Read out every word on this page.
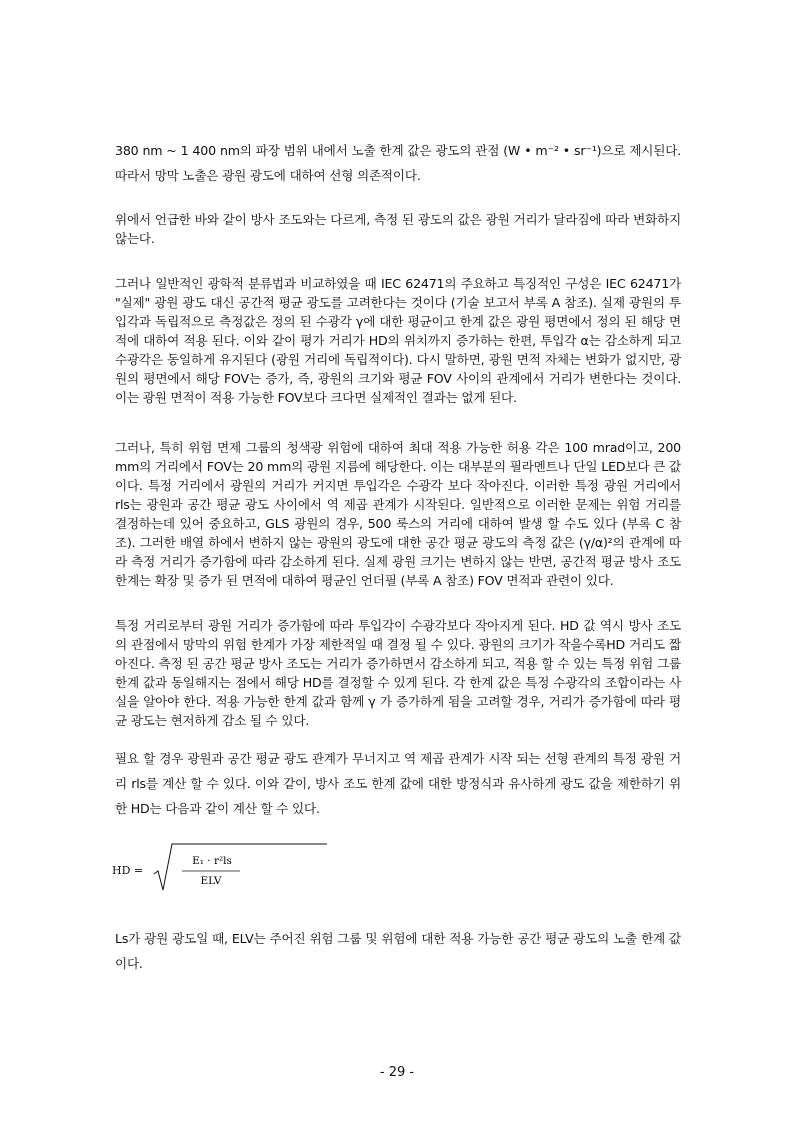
380 nm ~ 1 400 nm의 파장 범위 내에서 노출 한계 값은 광도의 관점 (W • m⁻² • sr⁻¹)으로 제시된다. 따라서 망막 노출은 광원 광도에 대하여 선형 의존적이다.

위에서 언급한 바와 같이 방사 조도와는 다르게, 측정 된 광도의 값은 광원 거리가 달라짐에 따라 변화하지 않는다.

그러나 일반적인 광학적 분류법과 비교하였을 때 IEC 62471의 주요하고 특징적인 구성은 IEC 62471가 "실제" 광원 광도 대신 공간적 평균 광도를 고려한다는 것이다 (기술 보고서 부록 A 참조). 실제 광원의 투입각과 독립적으로 측정값은 정의 된 수광각 γ에 대한 평균이고 한계 값은 광원 평면에서 정의 된 해당 면적에 대하여 적용 된다. 이와 같이 평가 거리가 HD의 위치까지 증가하는 한편, 투입각 α는 감소하게 되고 수광각은 동일하게 유지된다 (광원 거리에 독립적이다). 다시 말하면, 광원 면적 자체는 변화가 없지만, 광원의 평면에서 해당 FOV는 증가, 즉, 광원의 크기와 평균 FOV 사이의 관계에서 거리가 변한다는 것이다. 이는 광원 면적이 적용 가능한 FOV보다 크다면 실제적인 결과는 없게 된다.

그러나, 특히 위험 면제 그룹의 청색광 위험에 대하여 최대 적용 가능한 허용 각은 100 mrad이고, 200 mm의 거리에서 FOV는 20 mm의 광원 지름에 해당한다. 이는 대부분의 필라멘트나 단일 LED보다 큰 값이다. 특정 거리에서 광원의 거리가 커지면 투입각은 수광각 보다 작아진다. 이러한 특정 광원 거리에서 rls는 광원과 공간 평균 광도 사이에서 역 제곱 관계가 시작된다. 일반적으로 이러한 문제는 위험 거리를 결정하는데 있어 중요하고, GLS 광원의 경우, 500 룩스의 거리에 대하여 발생 할 수도 있다 (부록 C 참조). 그러한 배열 하에서 변하지 않는 광원의 광도에 대한 공간 평균 광도의 측정 값은 (γ/α)²의 관계에 따라 측정 거리가 증가함에 따라 감소하게 된다. 실제 광원 크기는 변하지 않는 반면, 공간적 평균 방사 조도 한계는 확장 및 증가 된 면적에 대하여 평균인 언더필 (부록 A 참조) FOV 면적과 관련이 있다.

특정 거리로부터 광원 거리가 증가함에 따라 투입각이 수광각보다 작아지게 된다. HD 값 역시 방사 조도의 관점에서 망막의 위험 한계가 가장 제한적일 때 결정 될 수 있다. 광원의 크기가 작을수록HD 거리도 짧아진다. 측정 된 공간 평균 방사 조도는 거리가 증가하면서 감소하게 되고, 적용 할 수 있는 특정 위험 그룹 한계 값과 동일해지는 점에서 해당 HD를 결정할 수 있게 된다. 각 한계 값은 특정 수광각의 조합이라는 사실을 알아야 한다. 적용 가능한 한계 값과 함께 γ 가 증가하게 됨을 고려할 경우, 거리가 증가함에 따라 평균 광도는 현저하게 감소 될 수 있다.

필요 할 경우 광원과 공간 평균 광도 관계가 무너지고 역 제곱 관계가 시작 되는 선형 관계의 특정 광원 거리 rls를 계산 할 수 있다. 이와 같이, 방사 조도 한계 값에 대한 방정식과 유사하게 광도 값을 제한하기 위한 HD는 다음과 같이 계산 할 수 있다.

HD =
E₁ · r²ls
ELV

Ls가 광원 광도일 때, ELV는 주어진 위험 그룹 및 위험에 대한 적용 가능한 공간 평균 광도의 노출 한계 값이다.

- 29 -
